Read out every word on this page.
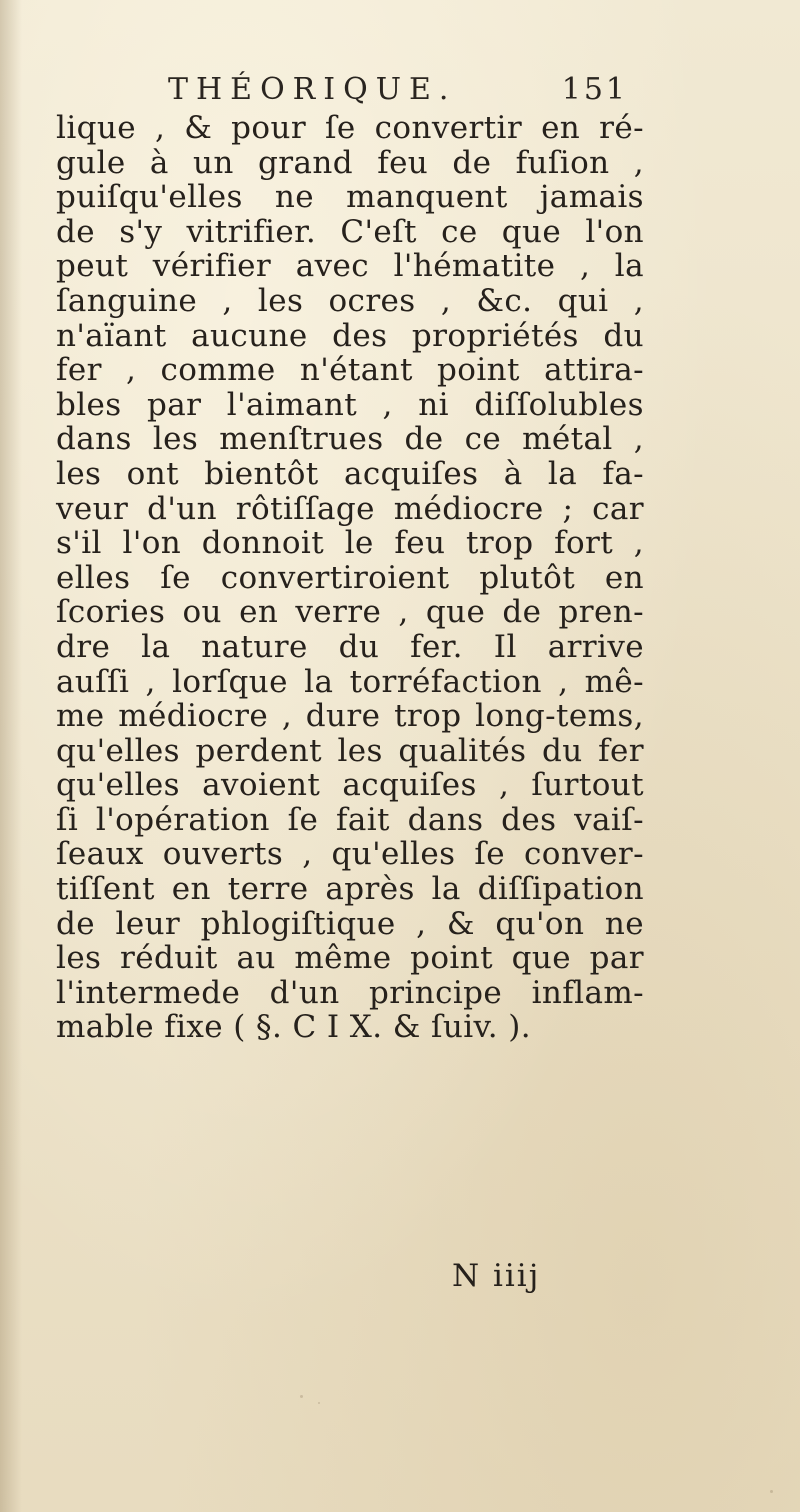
THÉORIQUE.	151
lique , & pour ſe convertir en ré-
gule à un grand feu de fuſion ,
puiſqu'elles ne manquent jamais
de s'y vitrifier. C'eſt ce que l'on
peut vérifier avec l'hématite , la
ſanguine , les ocres , &c. qui ,
n'aïant aucune des propriétés du
fer , comme n'étant point attira-
bles par l'aimant , ni diſſolubles
dans les menſtrues de ce métal ,
les ont bientôt acquiſes à la fa-
veur d'un rôtiſſage médiocre ; car
s'il l'on donnoit le feu trop fort ,
elles ſe convertiroient plutôt en
ſcories ou en verre , que de pren-
dre la nature du fer. Il arrive
auſſi , lorſque la torréfaction , mê-
me médiocre , dure trop long-tems,
qu'elles perdent les qualités du fer
qu'elles avoient acquiſes , ſurtout
ſi l'opération ſe fait dans des vaiſ-
ſeaux ouverts , qu'elles ſe conver-
tiſſent en terre après la diſſipation
de leur phlogiſtique , & qu'on ne
les réduit au même point que par
l'intermede d'un principe inflam-
mable fixe ( §. C I X. & ſuiv. ).
N iiij
